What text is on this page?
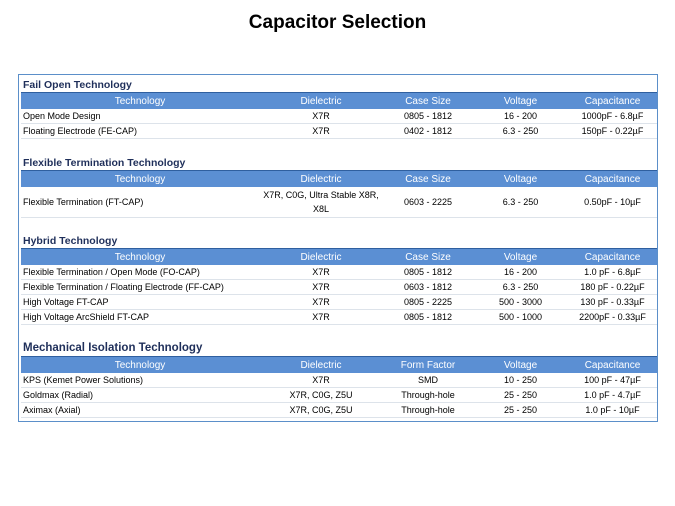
Capacitor Selection
Fail Open Technology
Technology	Dielectric	Case Size	Voltage	Capacitance
Open Mode Design	X7R	0805 - 1812	16 - 200	1000pF - 6.8µF
Floating Electrode (FE-CAP)	X7R	0402 - 1812	6.3 - 250	150pF - 0.22µF
Flexible Termination Technology
Technology	Dielectric	Case Size	Voltage	Capacitance
Flexible Termination (FT-CAP)	X7R, C0G, Ultra Stable X8R, X8L	0603 - 2225	6.3 - 250	0.50pF - 10µF
Hybrid Technology
Technology	Dielectric	Case Size	Voltage	Capacitance
Flexible Termination / Open Mode (FO-CAP)	X7R	0805 - 1812	16 - 200	1.0 pF - 6.8µF
Flexible Termination / Floating Electrode (FF-CAP)	X7R	0603 - 1812	6.3 - 250	180 pF - 0.22µF
High Voltage FT-CAP	X7R	0805 - 2225	500 - 3000	130 pF - 0.33µF
High Voltage ArcShield FT-CAP	X7R	0805 - 1812	500 - 1000	2200pF - 0.33µF
Mechanical Isolation Technology
Technology	Dielectric	Form Factor	Voltage	Capacitance
KPS (Kemet Power Solutions)	X7R	SMD	10 - 250	100 pF - 47µF
Goldmax (Radial)	X7R, C0G, Z5U	Through-hole	25 - 250	1.0 pF - 4.7µF
Aximax (Axial)	X7R, C0G, Z5U	Through-hole	25 - 250	1.0 pF - 10µF
